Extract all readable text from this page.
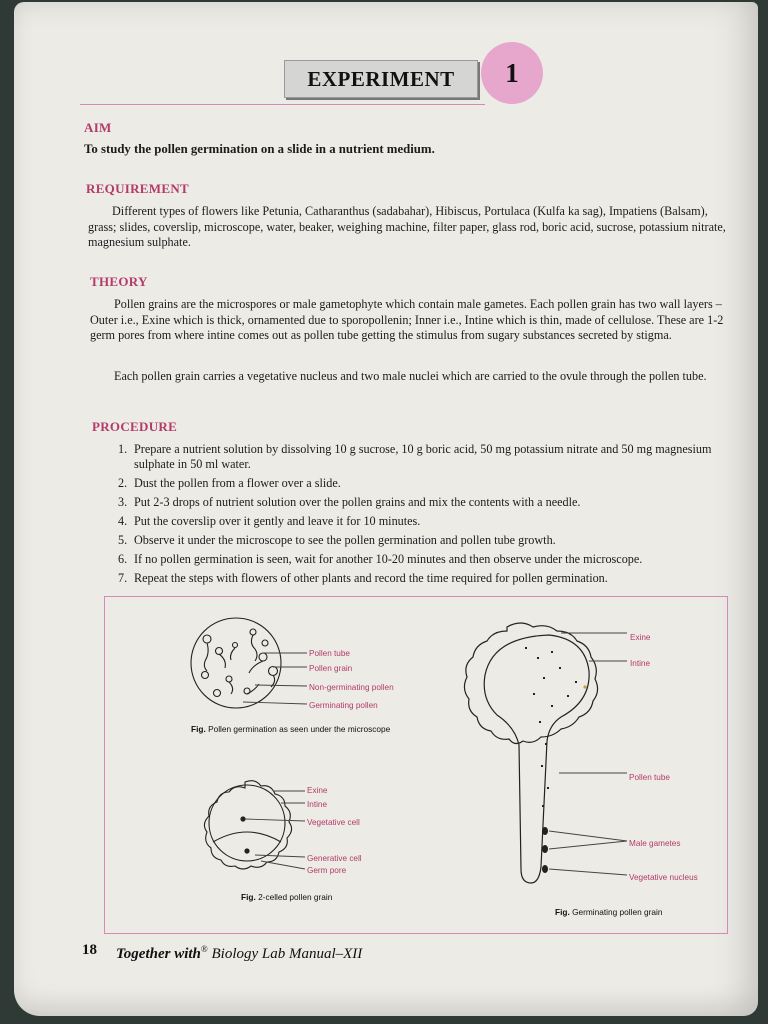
EXPERIMENT	1
AIM
To study the pollen germination on a slide in a nutrient medium.
REQUIREMENT
Different types of flowers like Petunia, Catharanthus (sadabahar), Hibiscus, Portulaca (Kulfa ka sag), Impatiens (Balsam), grass; slides, coverslip, microscope, water, beaker, weighing machine, filter paper, glass rod, boric acid, sucrose, potassium nitrate, magnesium sulphate.
THEORY
Pollen grains are the microspores or male gametophyte which contain male gametes. Each pollen grain has two wall layers – Outer i.e., Exine which is thick, ornamented due to sporopollenin; Inner i.e., Intine which is thin, made of cellulose. These are 1-2 germ pores from where intine comes out as pollen tube getting the stimulus from sugary substances secreted by stigma.
Each pollen grain carries a vegetative nucleus and two male nuclei which are carried to the ovule through the pollen tube.
PROCEDURE
1. Prepare a nutrient solution by dissolving 10 g sucrose, 10 g boric acid, 50 mg potassium nitrate and 50 mg magnesium sulphate in 50 ml water.
2. Dust the pollen from a flower over a slide.
3. Put 2-3 drops of nutrient solution over the pollen grains and mix the contents with a needle.
4. Put the coverslip over it gently and leave it for 10 minutes.
5. Observe it under the microscope to see the pollen germination and pollen tube growth.
6. If no pollen germination is seen, wait for another 10-20 minutes and then observe under the microscope.
7. Repeat the steps with flowers of other plants and record the time required for pollen germination.
Pollen tube
Pollen grain
Non-germinating pollen
Germinating pollen
Fig. Pollen germination as seen under the microscope
Exine
Intine
Vegetative cell
Generative cell
Germ pore
Fig. 2-celled pollen grain
Exine
Intine
Pollen tube
Male gametes
Vegetative nucleus
Fig. Germinating pollen grain
18 Together with® Biology Lab Manual–XII
